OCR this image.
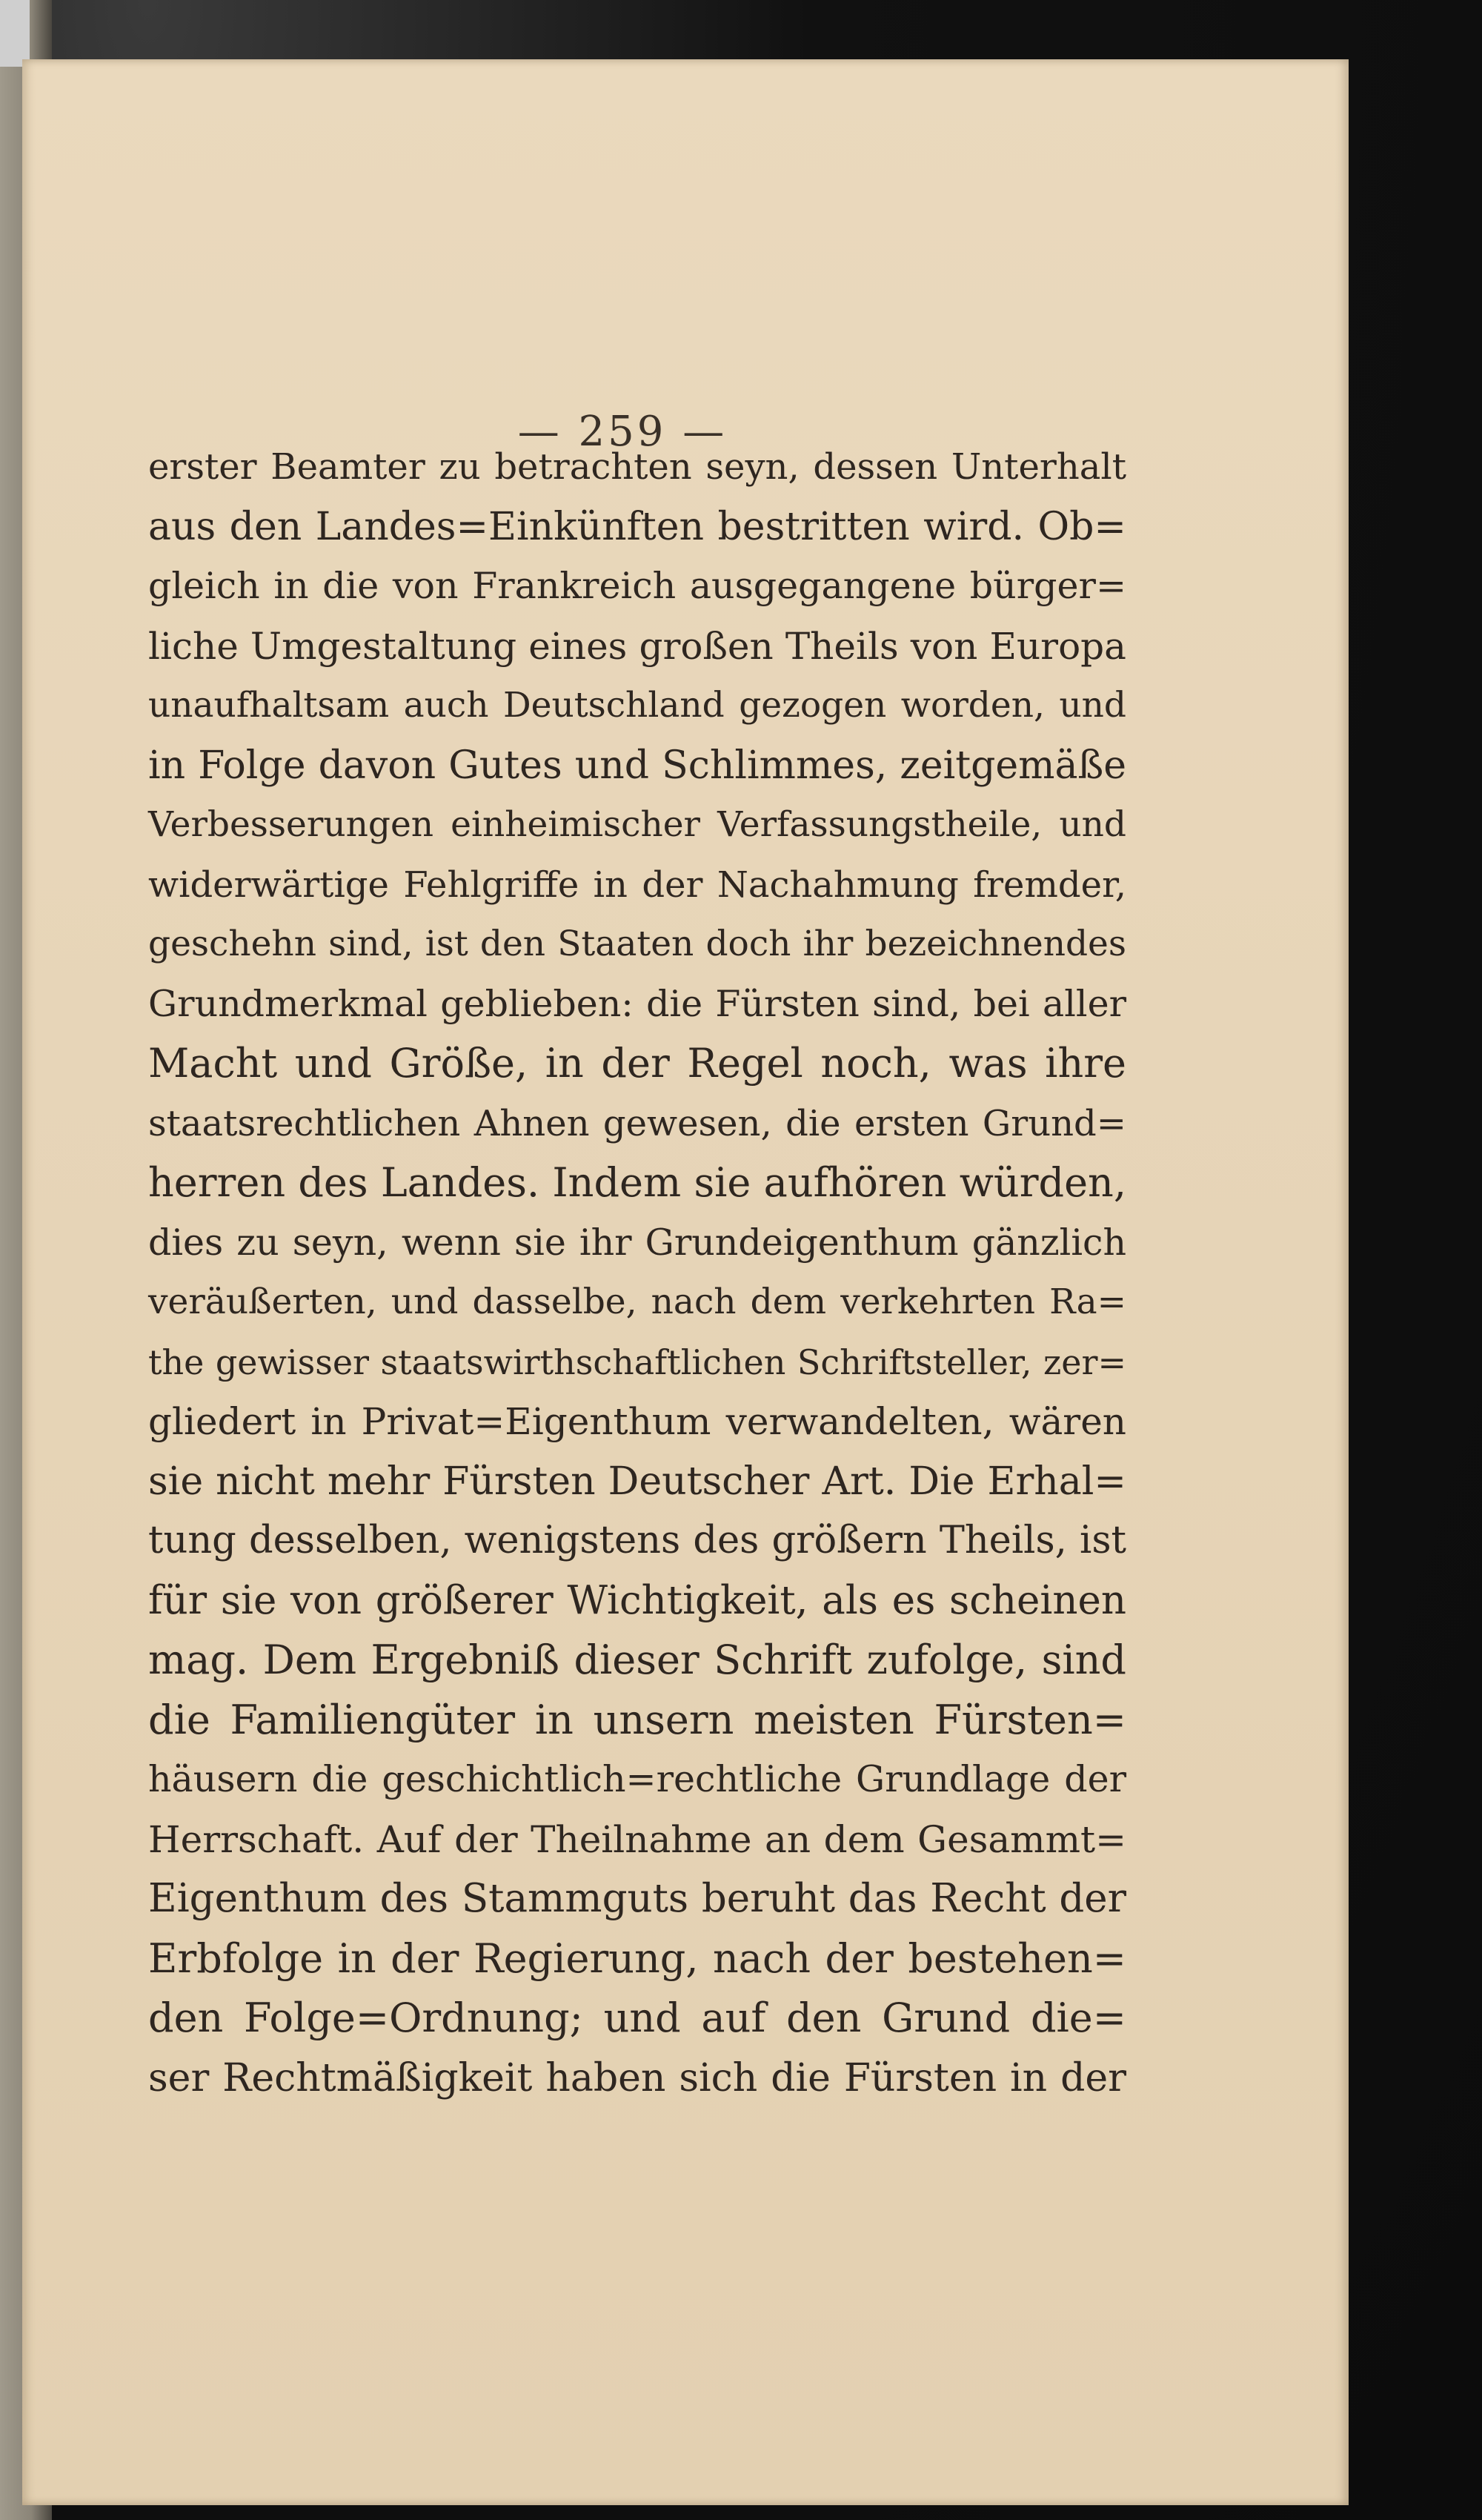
— 259 —
erster Beamter zu betrachten seyn, dessen Unterhalt
aus den Landes=Einkünften bestritten wird. Ob=
gleich in die von Frankreich ausgegangene bürger=
liche Umgestaltung eines großen Theils von Europa
unaufhaltsam auch Deutschland gezogen worden, und
in Folge davon Gutes und Schlimmes, zeitgemäße
Verbesserungen einheimischer Verfassungstheile, und
widerwärtige Fehlgriffe in der Nachahmung fremder,
geschehn sind, ist den Staaten doch ihr bezeichnendes
Grundmerkmal geblieben: die Fürsten sind, bei aller
Macht und Größe, in der Regel noch, was ihre
staatsrechtlichen Ahnen gewesen, die ersten Grund=
herren des Landes. Indem sie aufhören würden,
dies zu seyn, wenn sie ihr Grundeigenthum gänzlich
veräußerten, und dasselbe, nach dem verkehrten Ra=
the gewisser staatswirthschaftlichen Schriftsteller, zer=
gliedert in Privat=Eigenthum verwandelten, wären
sie nicht mehr Fürsten Deutscher Art. Die Erhal=
tung desselben, wenigstens des größern Theils, ist
für sie von größerer Wichtigkeit, als es scheinen
mag. Dem Ergebniß dieser Schrift zufolge, sind
die Familiengüter in unsern meisten Fürsten=
häusern die geschichtlich=rechtliche Grundlage der
Herrschaft. Auf der Theilnahme an dem Gesammt=
Eigenthum des Stammguts beruht das Recht der
Erbfolge in der Regierung, nach der bestehen=
den Folge=Ordnung; und auf den Grund die=
ser Rechtmäßigkeit haben sich die Fürsten in der
